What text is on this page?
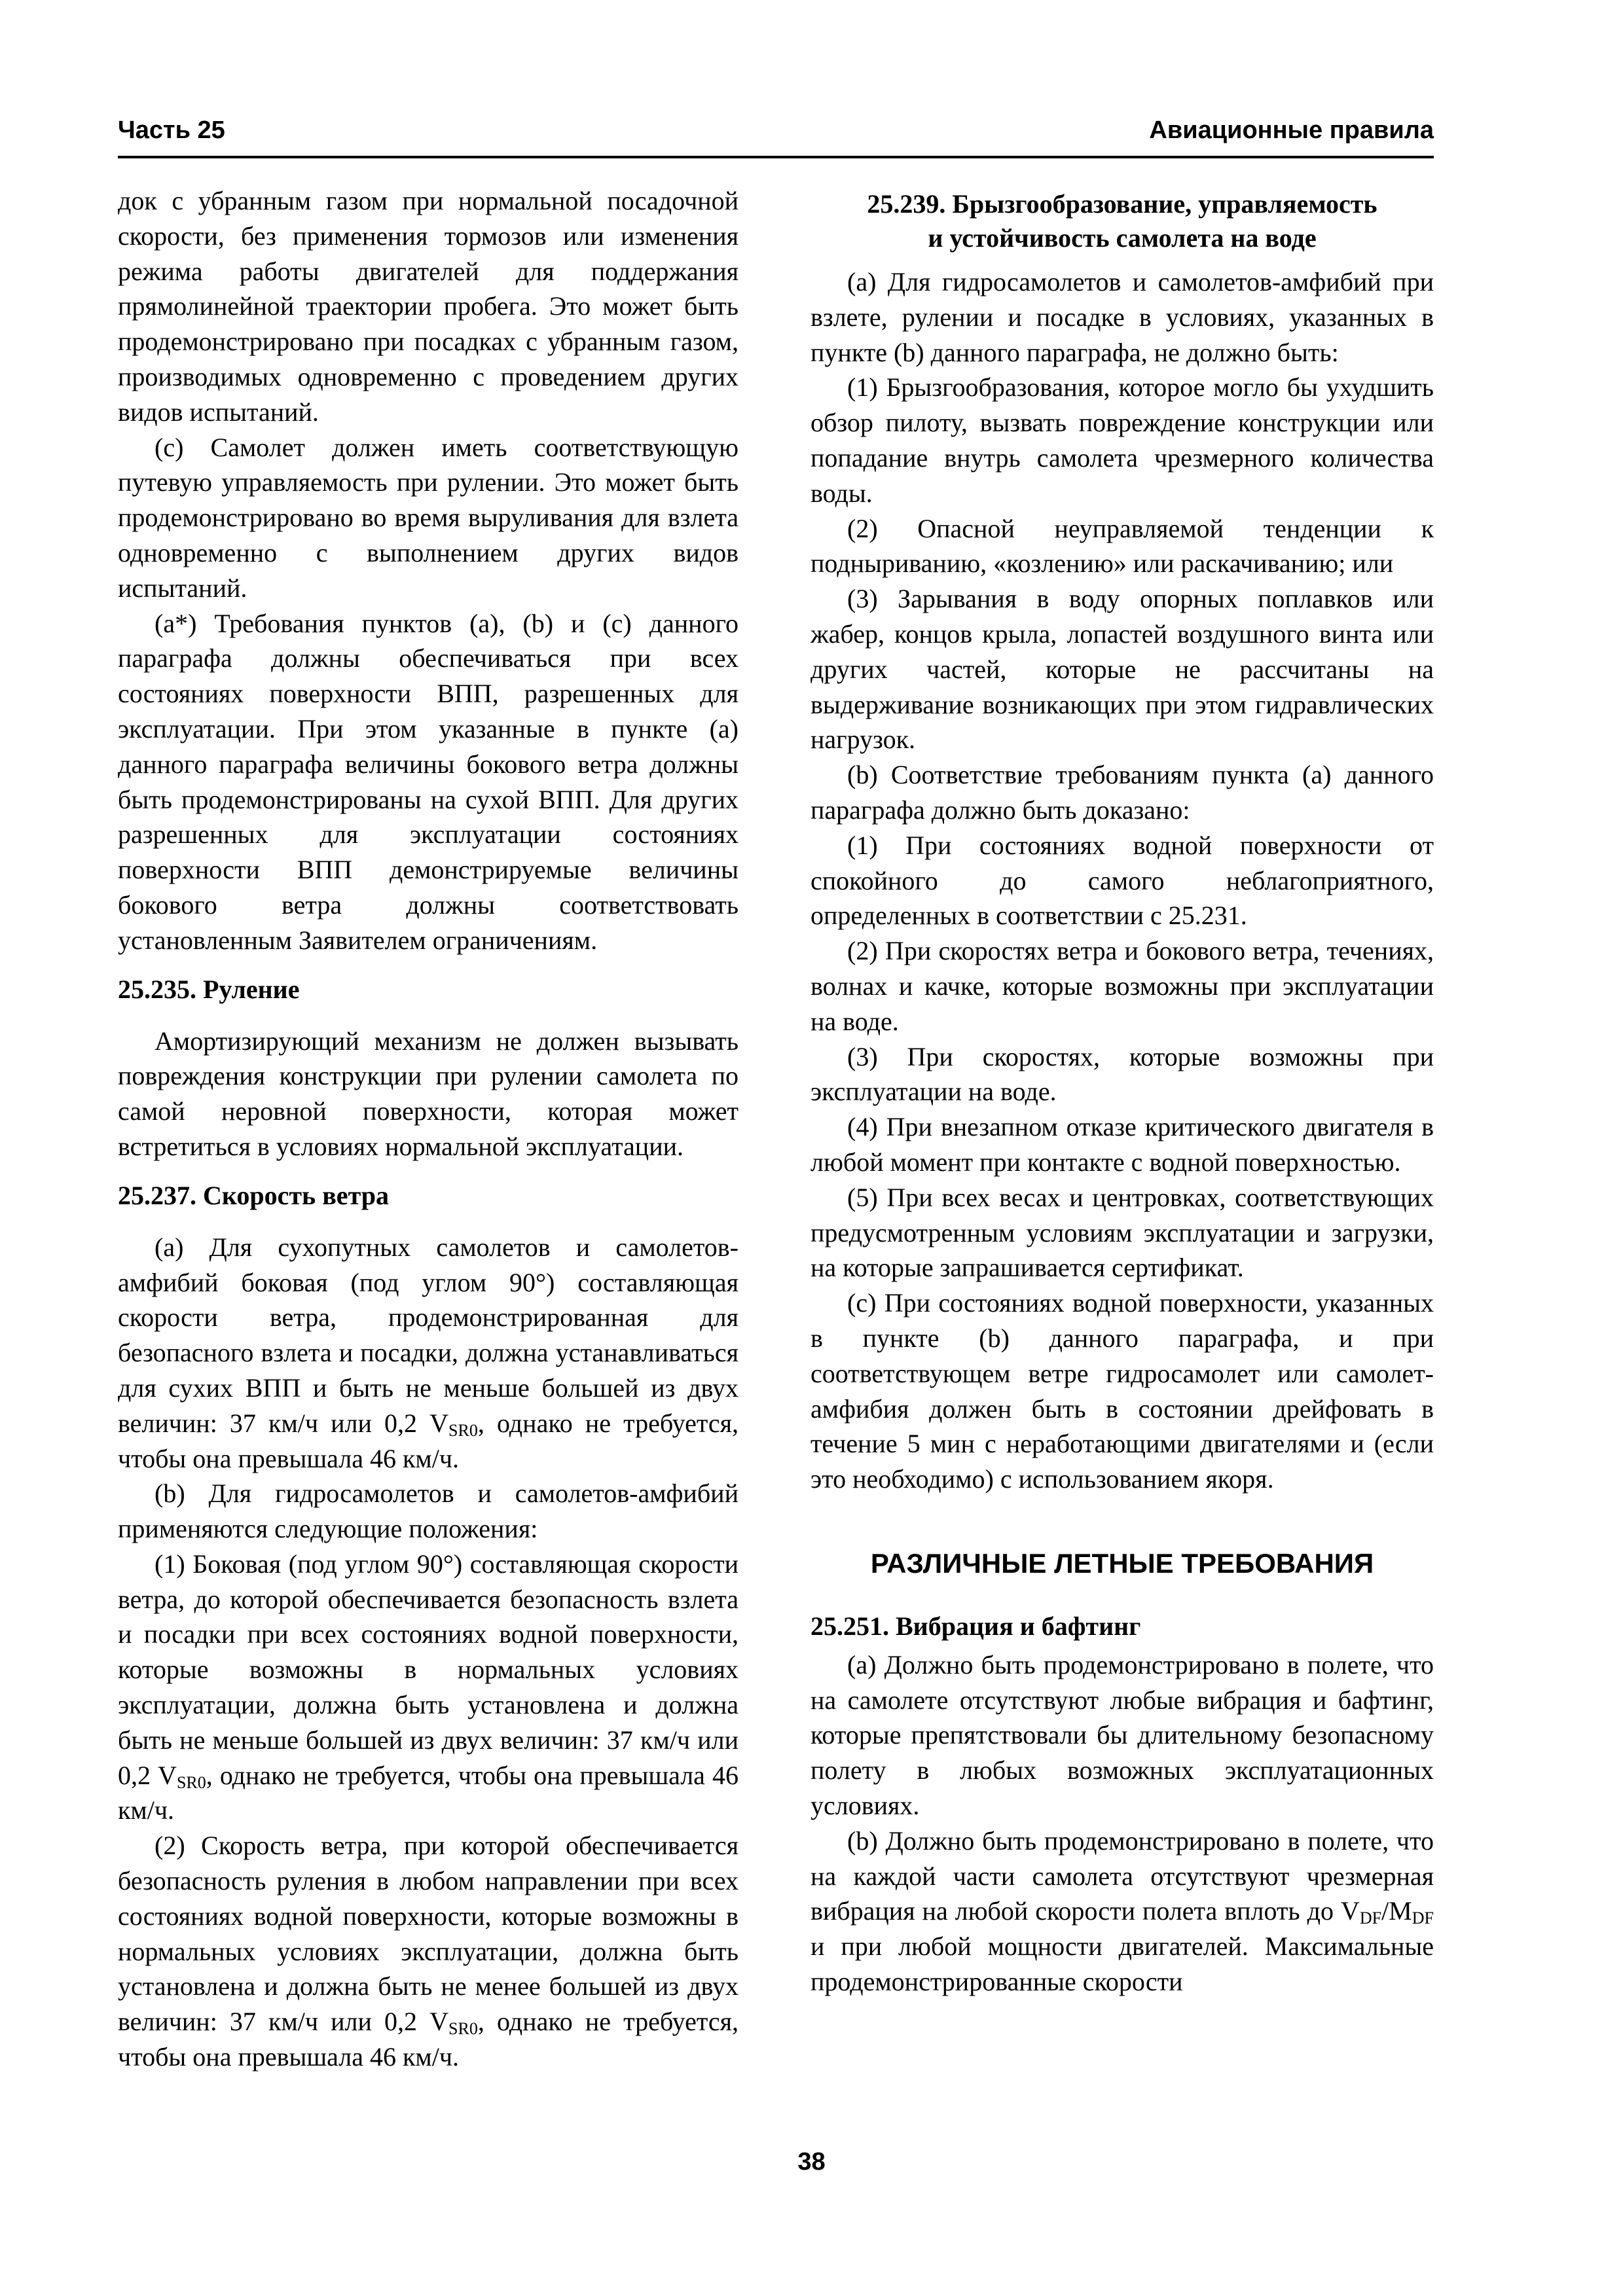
Часть 25	Авиационные правила

док с убранным газом при нормальной посадочной скорости, без применения тормозов или изменения режима работы двигателей для поддержания прямолинейной траектории пробега. Это может быть продемонстрировано при посадках с убранным газом, производимых одновременно с проведением других видов испытаний.

(c) Самолет должен иметь соответствующую путевую управляемость при рулении. Это может быть продемонстрировано во время выруливания для взлета одновременно с выполнением других видов испытаний.

(a*) Требования пунктов (a), (b) и (c) данного параграфа должны обеспечиваться при всех состояниях поверхности ВПП, разрешенных для эксплуатации. При этом указанные в пункте (a) данного параграфа величины бокового ветра должны быть продемонстрированы на сухой ВПП. Для других разрешенных для эксплуатации состояниях поверхности ВПП демонстрируемые величины бокового ветра должны соответствовать установленным Заявителем ограничениям.

25.235. Руление

Амортизирующий механизм не должен вызывать повреждения конструкции при рулении самолета по самой неровной поверхности, которая может встретиться в условиях нормальной эксплуатации.

25.237. Скорость ветра

(a) Для сухопутных самолетов и самолетов-амфибий боковая (под углом 90°) составляющая скорости ветра, продемонстрированная для безопасного взлета и посадки, должна устанавливаться для сухих ВПП и быть не меньше большей из двух величин: 37 км/ч или 0,2 $V_{SR0}$, однако не требуется, чтобы она превышала 46 км/ч.

(b) Для гидросамолетов и самолетов-амфибий применяются следующие положения:

(1) Боковая (под углом 90°) составляющая скорости ветра, до которой обеспечивается безопасность взлета и посадки при всех состояниях водной поверхности, которые возможны в нормальных условиях эксплуатации, должна быть установлена и должна быть не меньше большей из двух величин: 37 км/ч или 0,2 $V_{SR0}$, однако не требуется, чтобы она превышала 46 км/ч.

(2) Скорость ветра, при которой обеспечивается безопасность руления в любом направлении при всех состояниях водной поверхности, которые возможны в нормальных условиях эксплуатации, должна быть установлена и должна быть не менее большей из двух величин: 37 км/ч или 0,2 $V_{SR0}$, однако не требуется, чтобы она превышала 46 км/ч.

25.239. Брызгообразование, управляемость
и устойчивость самолета на воде

(a) Для гидросамолетов и самолетов-амфибий при взлете, рулении и посадке в условиях, указанных в пункте (b) данного параграфа, не должно быть:

(1) Брызгообразования, которое могло бы ухудшить обзор пилоту, вызвать повреждение конструкции или попадание внутрь самолета чрезмерного количества воды.

(2) Опасной неуправляемой тенденции к подныриванию, «козлению» или раскачиванию; или

(3) Зарывания в воду опорных поплавков или жабер, концов крыла, лопастей воздушного винта или других частей, которые не рассчитаны на выдерживание возникающих при этом гидравлических нагрузок.

(b) Соответствие требованиям пункта (a) данного параграфа должно быть доказано:

(1) При состояниях водной поверхности от спокойного до самого неблагоприятного, определенных в соответствии с 25.231.

(2) При скоростях ветра и бокового ветра, течениях, волнах и качке, которые возможны при эксплуатации на воде.

(3) При скоростях, которые возможны при эксплуатации на воде.

(4) При внезапном отказе критического двигателя в любой момент при контакте с водной поверхностью.

(5) При всех весах и центровках, соответствующих предусмотренным условиям эксплуатации и загрузки, на которые запрашивается сертификат.

(c) При состояниях водной поверхности, указанных в пункте (b) данного параграфа, и при соответствующем ветре гидросамолет или самолет-амфибия должен быть в состоянии дрейфовать в течение 5 мин с неработающими двигателями и (если это необходимо) с использованием якоря.

РАЗЛИЧНЫЕ ЛЕТНЫЕ ТРЕБОВАНИЯ
25.251. Вибрация и бафтинг

(a) Должно быть продемонстрировано в полете, что на самолете отсутствуют любые вибрация и бафтинг, которые препятствовали бы длительному безопасному полету в любых возможных эксплуатационных условиях.

(b) Должно быть продемонстрировано в полете, что на каждой части самолета отсутствуют чрезмерная вибрация на любой скорости полета вплоть до $V_{DF}/M_{DF}$ и при любой мощности двигателей. Максимальные продемонстрированные скорости

38
